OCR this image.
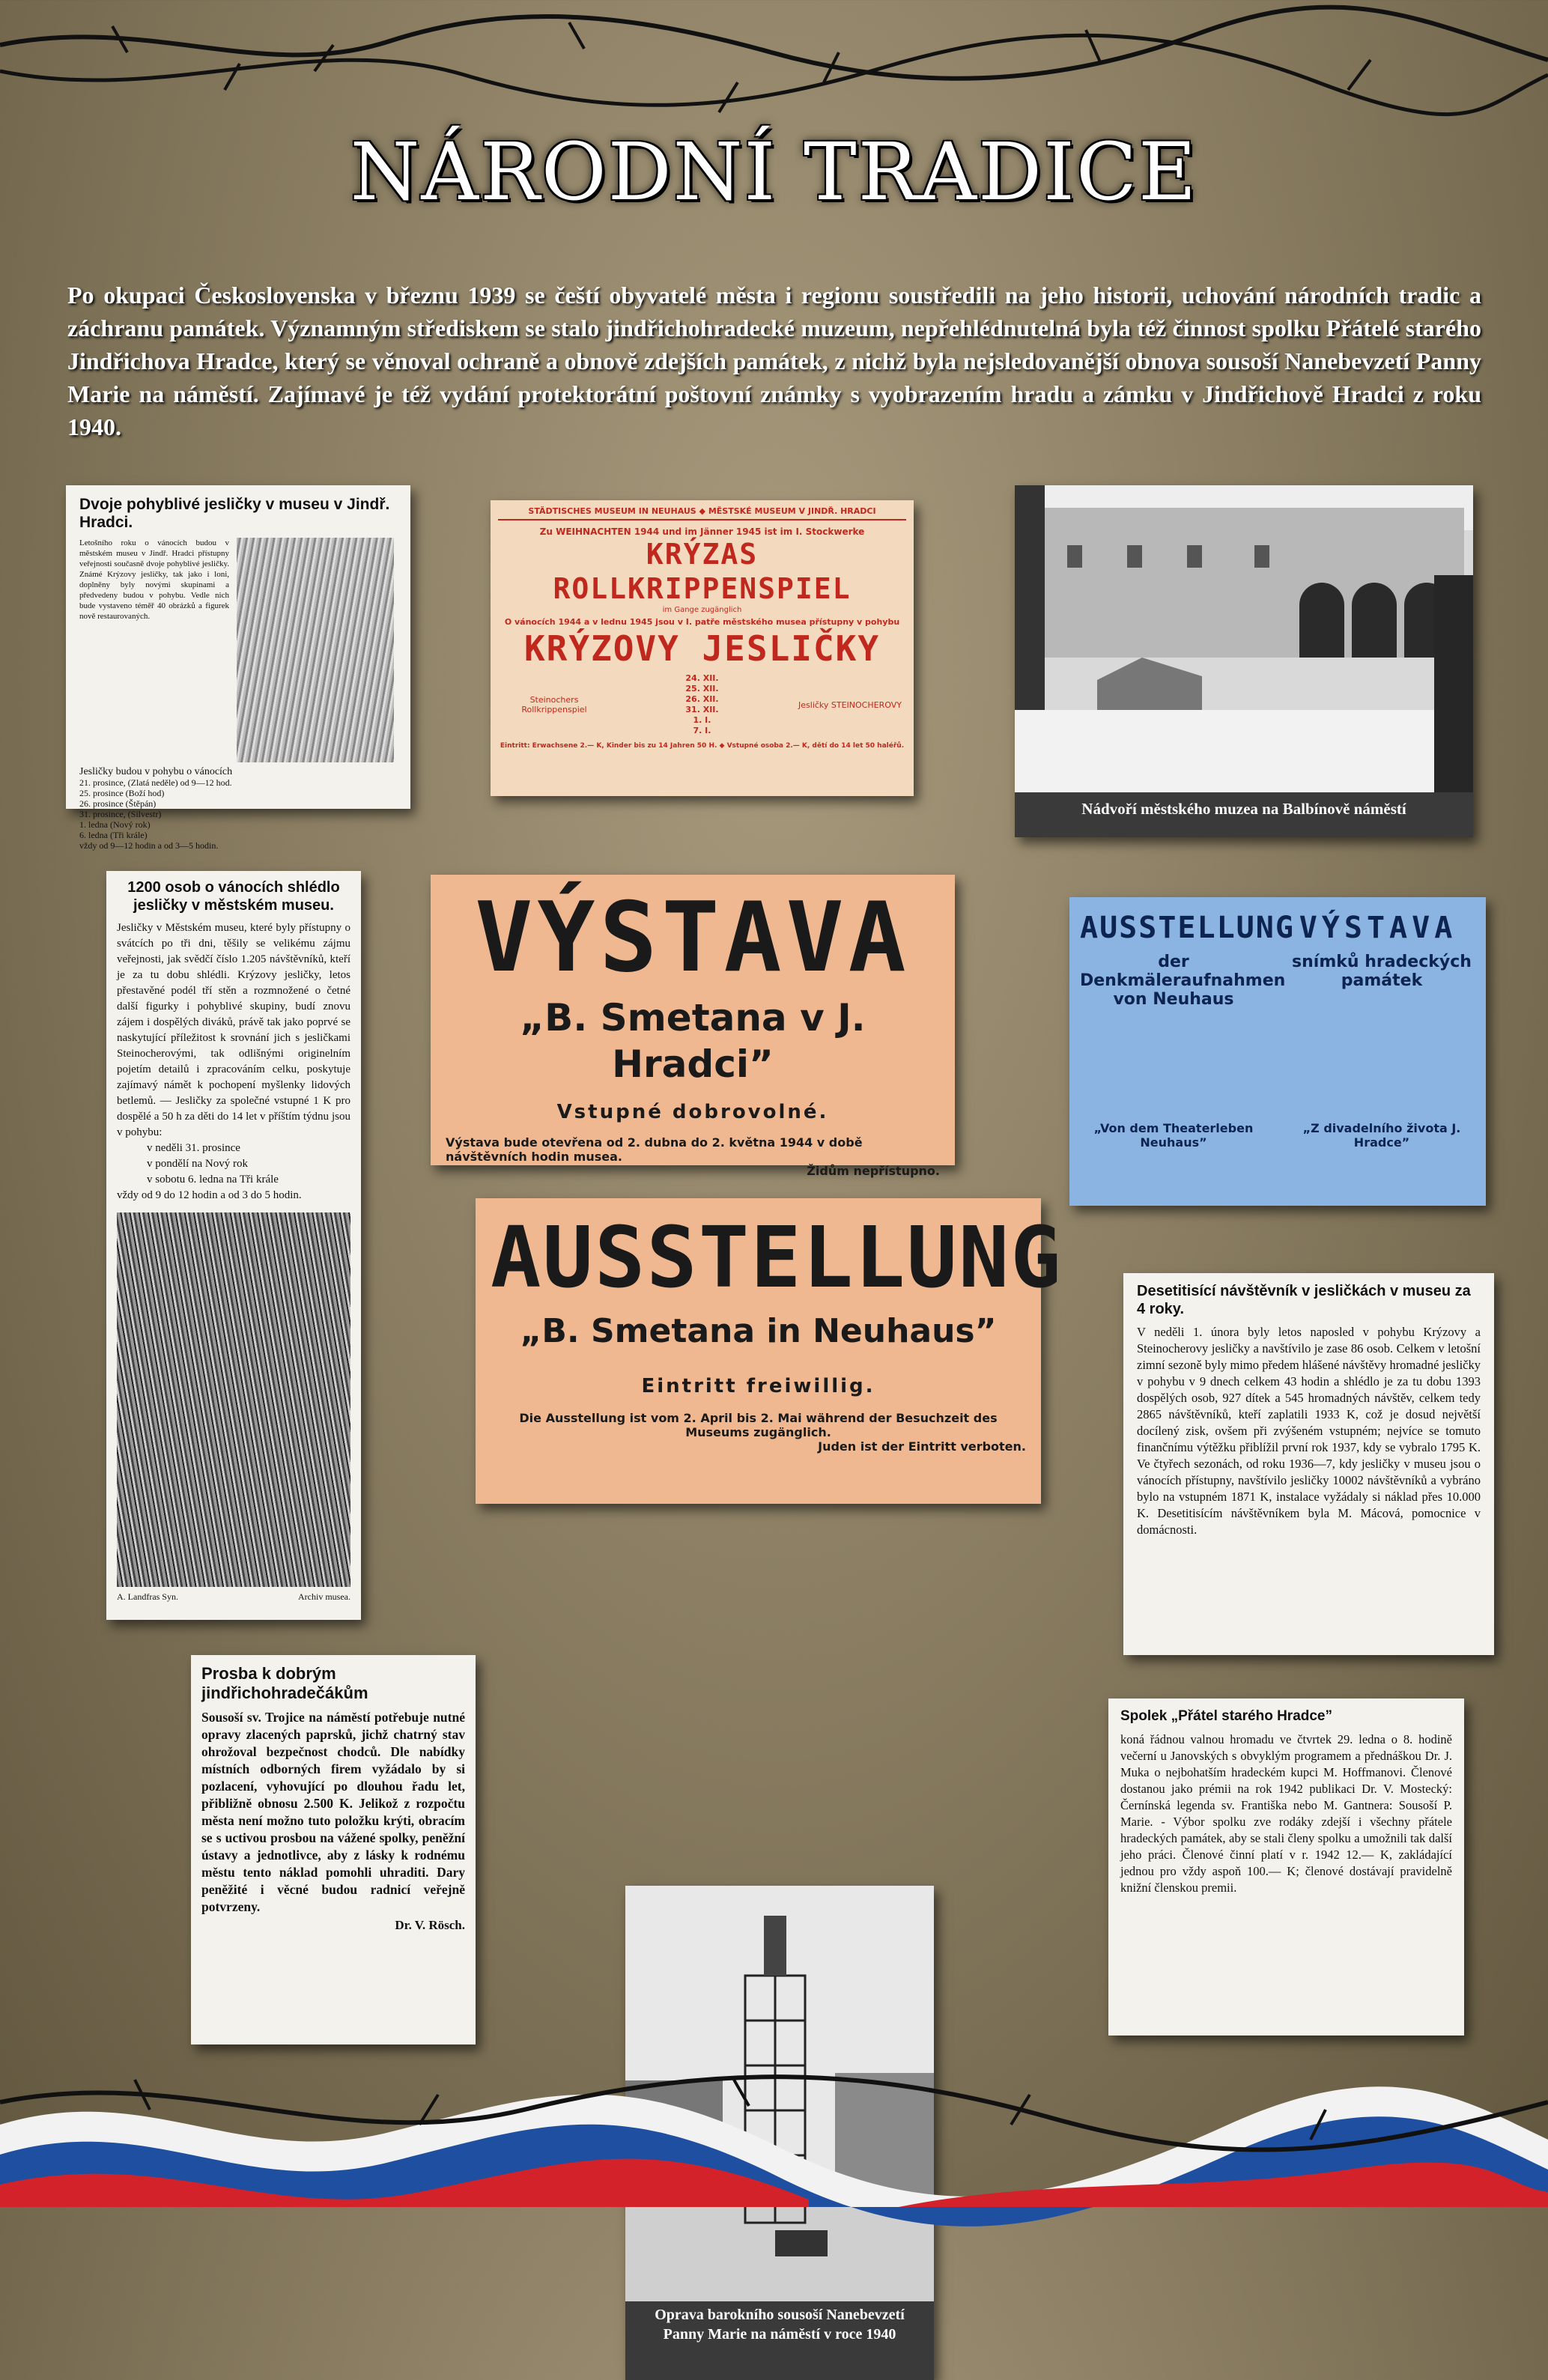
NÁRODNÍ TRADICE
Po okupaci Československa v březnu 1939 se čeští obyvatelé města i regionu soustředili na jeho historii, uchování národních tradic a záchranu památek. Významným střediskem se stalo jindřichohradecké muzeum, nepřehlédnutelná byla též činnost spolku Přátelé starého Jindřichova Hradce, který se věnoval ochraně a obnově zdejších památek, z nichž byla nejsledovanější obnova sousoší Nanebevzetí Panny Marie na náměstí. Zajímavé je též vydání protektorátní poštovní známky s vyobrazením hradu a zámku v Jindřichově Hradci z roku 1940.
Dvoje pohyblivé jesličky v museu v Jindř. Hradci.

Letošního roku o vánocích budou v městském museu v Jindř. Hradci přístupny veřejnosti současně dvoje pohyblivé jesličky. Známé Krýzovy jesličky, tak jako i loni, doplněny byly novými skupinami a předvedeny budou v pohybu. Vedle nich bude vystaveno téměř 40 obrázků a figurek nově restaurovaných.

Jesličky budou v pohybu o vánocích

21. prosince, (Zlatá neděle) od 9—12 hod.
25. prosince (Boží hod)
26. prosince (Štěpán)
31. prosince, (Silvestr)
1. ledna (Nový rok)
6. ledna (Tři krále)

vždy od 9—12 hodin a od 3—5 hodin.

STÄDTISCHES MUSEUM IN NEUHAUS ◆ MĚSTSKÉ MUSEUM V JINDŘ. HRADCI
Zu WEIHNACHTEN 1944 und im Jänner 1945 ist im I. Stockwerke
KRÝZAS ROLLKRIPPENSPIEL
im Gange zugänglich
O vánocích 1944 a v lednu 1945 jsou v I. patře městského musea přístupny v pohybu
KRÝZOVY JESLIČKY
Steinochers Rollkrippenspiel
24. XII.
25. XII.
26. XII.
31. XII.
1. I.
7. I.
Jesličky STEINOCHEROVY
Eintritt: Erwachsene 2.— K, Kinder bis zu 14 Jahren 50 H. ◆ Vstupné osoba 2.— K, dětí do 14 let 50 haléřů.
Nádvoří městského muzea na Balbínově náměstí
1200 osob o vánocích shlédlo jesličky v městském museu.

Jesličky v Městském museu, které byly přístupny o svátcích po tři dni, těšily se velikému zájmu veřejnosti, jak svědčí číslo 1.205 návštěvníků, kteří je za tu dobu shlédli. Krýzovy jesličky, letos přestavěné podél tří stěn a rozmnožené o četné další figurky i pohyblivé skupiny, budí znovu zájem i dospělých diváků, právě tak jako poprvé se naskytující příležitost k srovnání jich s jesličkami Steinocherovými, tak odlišnými originelním pojetím detailů i zpracováním celku, poskytuje zajímavý námět k pochopení myšlenky lidových betlemů. — Jesličky za společné vstupné 1 K pro dospělé a 50 h za děti do 14 let v příštím týdnu jsou v pohybu:

v neděli 31. prosince
v pondělí na Nový rok
v sobotu 6. ledna na Tři krále

vždy od 9 do 12 hodin a od 3 do 5 hodin.

A. Landfras Syn.	Archiv musea.
VÝSTAVA
„B. Smetana v J. Hradci”
Vstupné dobrovolné.
Výstava bude otevřena od 2. dubna do 2. května 1944 v době návštěvních hodin musea.
Židům nepřístupno.
AUSSTELLUNG VÝSTAVA
der Denkmäleraufnahmen von Neuhaus
snímků hradeckých památek
„Von dem Theaterleben Neuhaus”
„Z divadelního života J. Hradce”
AUSSTELLUNG
„B. Smetana in Neuhaus”
Eintritt freiwillig.
Die Ausstellung ist vom 2. April bis 2. Mai während der Besuchzeit des Museums zugänglich.
Juden ist der Eintritt verboten.
Desetitisící návštěvník v jesličkách v museu za 4 roky.

V neděli 1. února byly letos naposled v pohybu Krýzovy a Steinocherovy jesličky a navštívilo je zase 86 osob. Celkem v letošní zimní sezoně byly mimo předem hlášené návštěvy hromadné jesličky v pohybu v 9 dnech celkem 43 hodin a shlédlo je za tu dobu 1393 dospělých osob, 927 dítek a 545 hromadných návštěv, celkem tedy 2865 návštěvníků, kteří zaplatili 1933 K, což je dosud největší docílený zisk, ovšem při zvýšeném vstupném; nejvíce se tomuto finančnímu výtěžku přiblížil první rok 1937, kdy se vybralo 1795 K. Ve čtyřech sezonách, od roku 1936—7, kdy jesličky v museu jsou o vánocích přístupny, navštívilo jesličky 10002 návštěvníků a vybráno bylo na vstupném 1871 K, instalace vyžádaly si náklad přes 10.000 K. Desetitisícím návštěvníkem byla M. Mácová, pomocnice v domácnosti.

Prosba k dobrým jindřichohradečákům

Sousoší sv. Trojice na náměstí potřebuje nutné opravy zlacených paprsků, jichž chatrný stav ohrožoval bezpečnost chodců. Dle nabídky místních odborných firem vyžádalo by si pozlacení, vyhovující po dlouhou řadu let, přibližně obnosu 2.500 K. Jelikož z rozpočtu města není možno tuto položku krýti, obracím se s uctivou prosbou na vážené spolky, peněžní ústavy a jednotlivce, aby z lásky k rodnému městu tento náklad pomohli uhraditi. Dary peněžité i věcné budou radnicí veřejně potvrzeny.

Dr. V. Rösch.

Oprava barokního sousoší Nanebevzetí Panny Marie na náměstí v roce 1940
Spolek „Přátel starého Hradce”

koná řádnou valnou hromadu ve čtvrtek 29. ledna o 8. hodině večerní u Janovských s obvyklým programem a přednáškou Dr. J. Muka o nejbohatším hradeckém kupci M. Hoffmanovi. Členové dostanou jako prémii na rok 1942 publikaci Dr. V. Mostecký: Černínská legenda sv. Františka nebo M. Gantnera: Sousoší P. Marie. - Výbor spolku zve rodáky zdejší i všechny přátele hradeckých památek, aby se stali členy spolku a umožnili tak další jeho práci. Členové činní platí v r. 1942 12.— K, zakládající jednou pro vždy aspoň 100.— K; členové dostávají pravidelně knižní členskou premii.
